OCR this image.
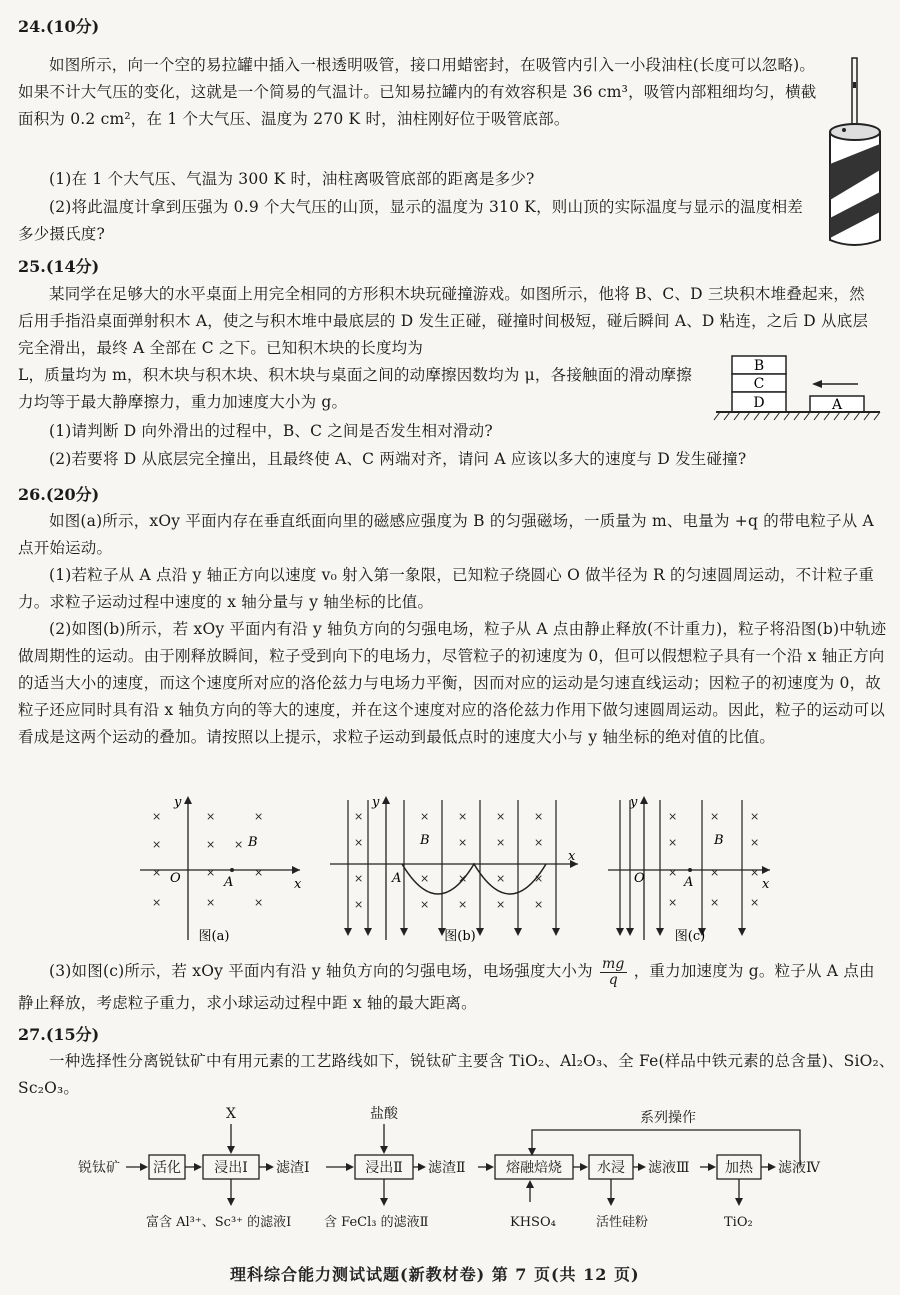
24.(10分)
如图所示，向一个空的易拉罐中插入一根透明吸管，接口用蜡密封，在吸管内引入一小段油柱(长度可以忽略)。如果不计大气压的变化，这就是一个简易的气温计。已知易拉罐内的有效容积是 36 cm³，吸管内部粗细均匀，横截面积为 0.2 cm²，在 1 个大气压、温度为 270 K 时，油柱刚好位于吸管底部。
(1)在 1 个大气压、气温为 300 K 时，油柱离吸管底部的距离是多少?
(2)将此温度计拿到压强为 0.9 个大气压的山顶，显示的温度为 310 K，则山顶的实际温度与显示的温度相差多少摄氏度?
25.(14分)
某同学在足够大的水平桌面上用完全相同的方形积木块玩碰撞游戏。如图所示，他将 B、C、D 三块积木堆叠起来，然后用手指沿桌面弹射积木 A，使之与积木堆中最底层的 D 发生正碰，碰撞时间极短，碰后瞬间 A、D 粘连，之后 D 从底层完全滑出，最终 A 全部在 C 之下。已知积木块的长度均为
L，质量均为 m，积木块与积木块、积木块与桌面之间的动摩擦因数均为 μ，各接触面的滑动摩擦力均等于最大静摩擦力，重力加速度大小为 g。
(1)请判断 D 向外滑出的过程中，B、C 之间是否发生相对滑动?
(2)若要将 D 从底层完全撞出，且最终使 A、C 两端对齐，请问 A 应该以多大的速度与 D 发生碰撞?
B
C
D	A
26.(20分)
如图(a)所示，xOy 平面内存在垂直纸面向里的磁感应强度为 B 的匀强磁场，一质量为 m、电量为 +q 的带电粒子从 A 点开始运动。
(1)若粒子从 A 点沿 y 轴正方向以速度 v₀ 射入第一象限，已知粒子绕圆心 O 做半径为 R 的匀速圆周运动，不计粒子重力。求粒子运动过程中速度的 x 轴分量与 y 轴坐标的比值。
(2)如图(b)所示，若 xOy 平面内有沿 y 轴负方向的匀强电场，粒子从 A 点由静止释放(不计重力)，粒子将沿图(b)中轨迹做周期性的运动。由于刚释放瞬间，粒子受到向下的电场力，尽管粒子的初速度为 0，但可以假想粒子具有一个沿 x 轴正方向的适当大小的速度，而这个速度所对应的洛伦兹力与电场力平衡，因而对应的运动是匀速直线运动；因粒子的初速度为 0，故粒子还应同时具有沿 x 轴负方向的等大的速度，并在这个速度对应的洛伦兹力作用下做匀速圆周运动。因此，粒子的运动可以看成是这两个运动的叠加。请按照以上提示，求粒子运动到最低点时的速度大小与 y 轴坐标的绝对值的比值。
y
x
O	A
B
×	×	×
×	× ×
×	×	×
×	×	×
y
x
A
B
×	×	×	×	×
×	×	×	×
×	×	×	×	×
×	×	×	×	×
y
x
O	A
B
×	×	×
×	×
×	×	×
×	×	×
图(a)	图(b)	图(c)
(3)如图(c)所示，若 xOy 平面内有沿 y 轴负方向的匀强电场，电场强度大小为 $\frac{mg}{q}$ ，重力加速度为 g。粒子从 A 点由静止释放，考虑粒子重力，求小球运动过程中距 x 轴的最大距离。
27.(15分)
一种选择性分离锐钛矿中有用元素的工艺路线如下，锐钛矿主要含 TiO₂、Al₂O₃、全 Fe(样品中铁元素的总含量)、SiO₂、Sc₂O₃。
X	盐酸	系列操作
锐钛矿 活化 浸出Ⅰ 滤渣Ⅰ	浸出Ⅱ 滤渣Ⅱ	熔融焙烧	水浸 滤液Ⅲ	加热 滤液Ⅳ
富含 Al³⁺、Sc³⁺ 的滤液Ⅰ	含 FeCl₃ 的滤液Ⅱ	KHSO₄	活性硅粉	TiO₂
理科综合能力测试试题(新教材卷) 第 7 页(共 12 页)
